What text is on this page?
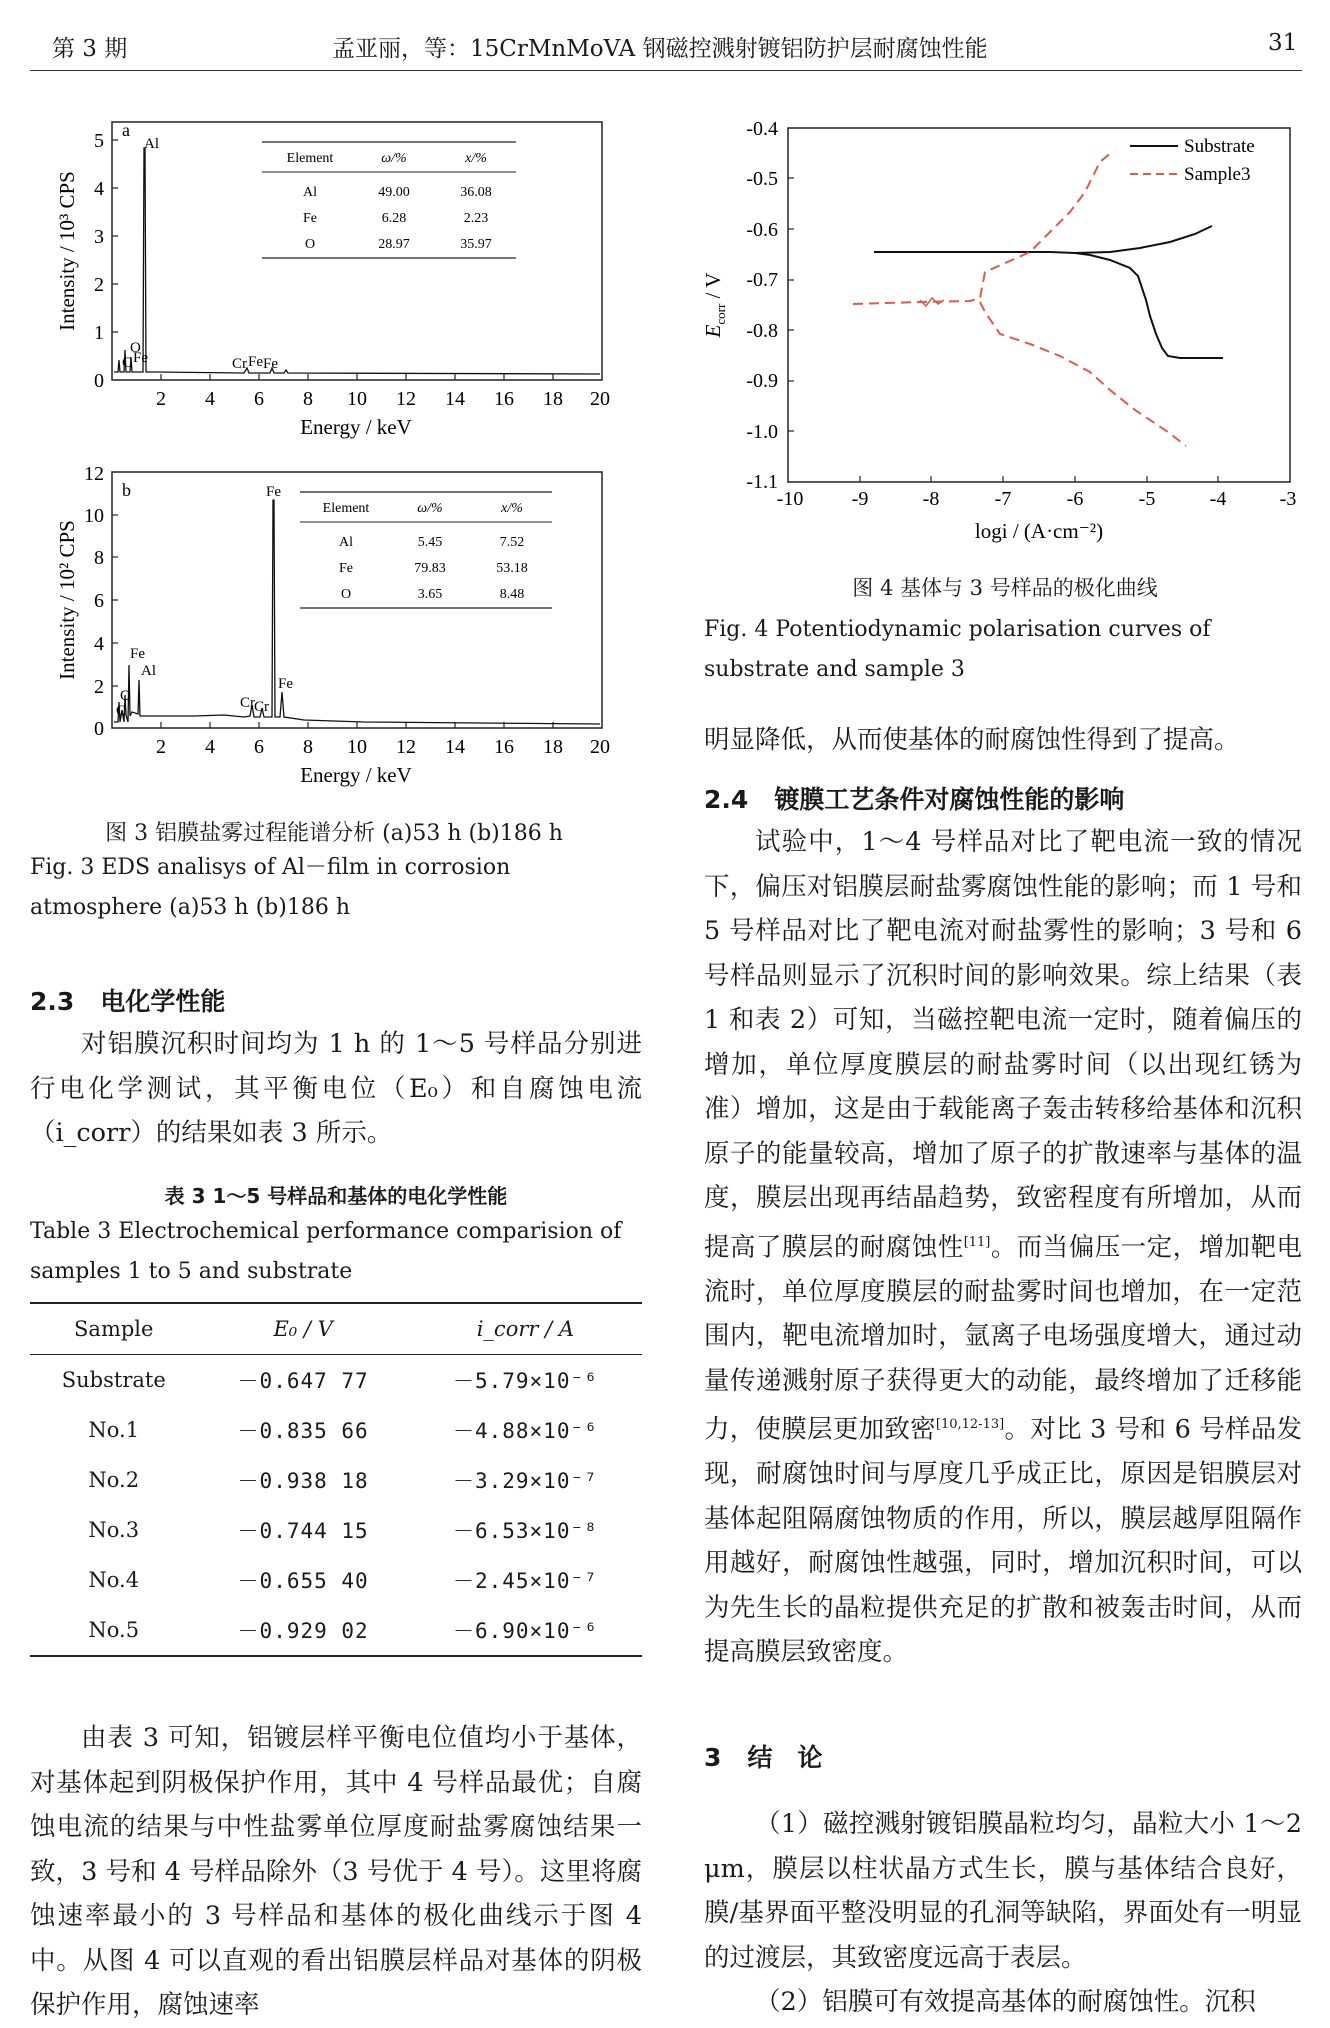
第 3 期	孟亚丽，等：15CrMnMoVA 钢磁控溅射镀铝防护层耐腐蚀性能	31
a
0
1
2
3
4
5
2 4 6 8 10 12 14 16 18 20
Energy / keV
Intensity / 10³ CPS
Al
O
C Fe	Cr Fe Fe
Element	ω/%	x/%
Al	49.00	36.08
Fe	6.28	2.23
O	28.97	35.97
b
0
2
4
6
8
10
12
2 4 6 8 10 12 14 16 18 20
Energy / keV
Intensity / 10² CPS
Fe
Fe
Al
O
C	Cr Cr
Fe
Element	ω/%	x/%
Al	5.45	7.52
Fe	79.83	53.18
O	3.65	8.48
图 3 铝膜盐雾过程能谱分析 (a)53 h (b)186 h
Fig. 3 EDS analisys of Al－film in corrosion atmosphere (a)53 h (b)186 h
2.3 电化学性能
对铝膜沉积时间均为 1 h 的 1～5 号样品分别进行电化学测试，其平衡电位（E₀）和自腐蚀电流（i_corr）的结果如表 3 所示。
表 3 1～5 号样品和基体的电化学性能
Table 3 Electrochemical performance comparision of samples 1 to 5 and substrate
Sample	E₀ / V	i_corr / A
Substrate	－0.647 77	－5.79×10⁻⁶
No.1	－0.835 66	－4.88×10⁻⁶
No.2	－0.938 18	－3.29×10⁻⁷
No.3	－0.744 15	－6.53×10⁻⁸
No.4	－0.655 40	－2.45×10⁻⁷
No.5	－0.929 02	－6.90×10⁻⁶
由表 3 可知，铝镀层样平衡电位值均小于基体，对基体起到阴极保护作用，其中 4 号样品最优；自腐蚀电流的结果与中性盐雾单位厚度耐盐雾腐蚀结果一致，3 号和 4 号样品除外（3 号优于 4 号）。这里将腐蚀速率最小的 3 号样品和基体的极化曲线示于图 4 中。从图 4 可以直观的看出铝膜层样品对基体的阴极保护作用，腐蚀速率
-0.4
-0.5
-0.6
-0.7
-0.8
-0.9
-1.0
-1.1
-10 -9	-8	-7	-6	-5	-4	-3
logi / (A·cm⁻²)
$E_{corr}$ / V
Substrate
Sample3
图 4 基体与 3 号样品的极化曲线
Fig. 4 Potentiodynamic polarisation curves of substrate and sample 3
明显降低，从而使基体的耐腐蚀性得到了提高。
2.4 镀膜工艺条件对腐蚀性能的影响
试验中，1～4 号样品对比了靶电流一致的情况下，偏压对铝膜层耐盐雾腐蚀性能的影响；而 1 号和 5 号样品对比了靶电流对耐盐雾性的影响；3 号和 6 号样品则显示了沉积时间的影响效果。综上结果（表 1 和表 2）可知，当磁控靶电流一定时，随着偏压的增加，单位厚度膜层的耐盐雾时间（以出现红锈为准）增加，这是由于载能离子轰击转移给基体和沉积原子的能量较高，增加了原子的扩散速率与基体的温度，膜层出现再结晶趋势，致密程度有所增加，从而提高了膜层的耐腐蚀性[11]。而当偏压一定，增加靶电流时，单位厚度膜层的耐盐雾时间也增加，在一定范围内，靶电流增加时，氩离子电场强度增大，通过动量传递溅射原子获得更大的动能，最终增加了迁移能力，使膜层更加致密[10,12-13]。对比 3 号和 6 号样品发现，耐腐蚀时间与厚度几乎成正比，原因是铝膜层对基体起阻隔腐蚀物质的作用，所以，膜层越厚阻隔作用越好，耐腐蚀性越强，同时，增加沉积时间，可以为先生长的晶粒提供充足的扩散和被轰击时间，从而提高膜层致密度。
3 结　论
（1）磁控溅射镀铝膜晶粒均匀，晶粒大小 1～2 μm，膜层以柱状晶方式生长，膜与基体结合良好，膜/基界面平整没明显的孔洞等缺陷，界面处有一明显的过渡层，其致密度远高于表层。
（2）铝膜可有效提高基体的耐腐蚀性。沉积
